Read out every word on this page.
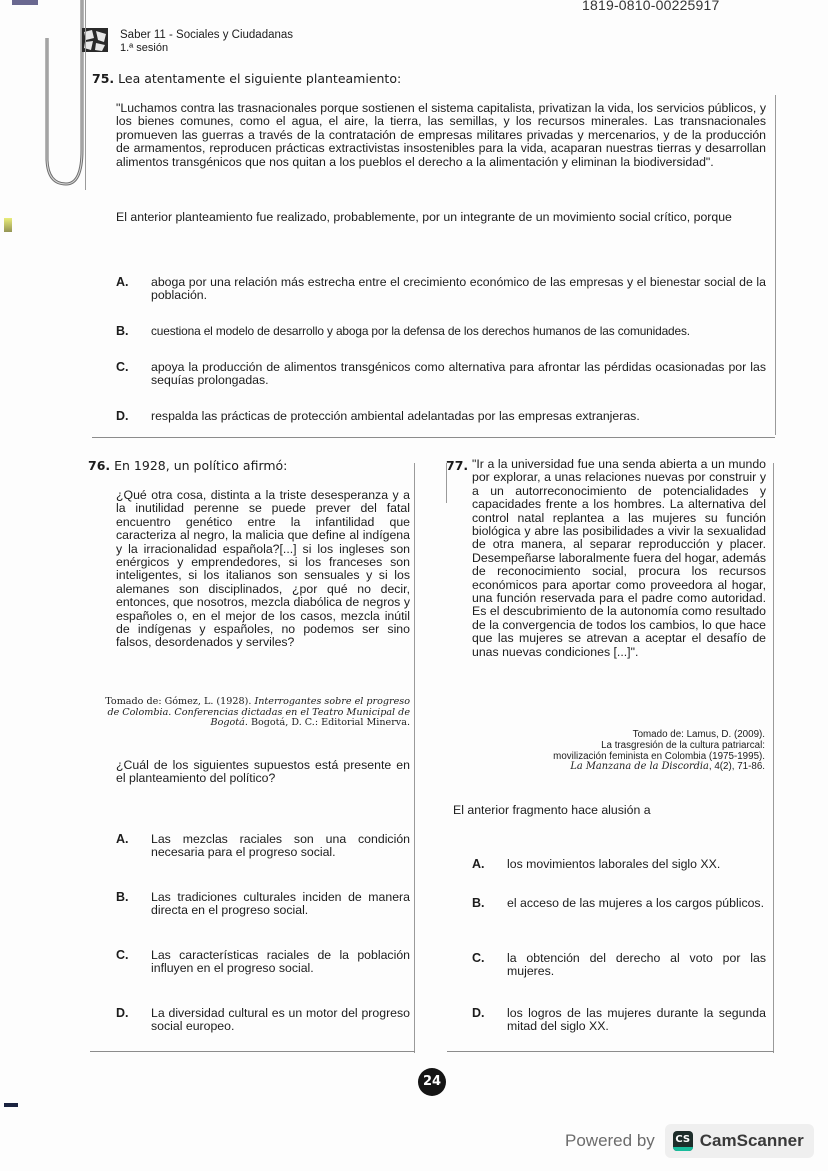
1819-0810-00225917
Saber 11 - Sociales y Ciudadanas
1.ª sesión
75. Lea atentamente el siguiente planteamiento:
"Luchamos contra las trasnacionales porque sostienen el sistema capitalista, privatizan la vida, los servicios públicos, y los bienes comunes, como el agua, el aire, la tierra, las semillas, y los recursos minerales. Las transnacionales promueven las guerras a través de la contratación de empresas militares privadas y mercenarios, y de la producción de armamentos, reproducen prácticas extractivistas insostenibles para la vida, acaparan nuestras tierras y desarrollan alimentos transgénicos que nos quitan a los pueblos el derecho a la alimentación y eliminan la biodiversidad".
El anterior planteamiento fue realizado, probablemente, por un integrante de un movimiento social crítico, porque
A.	aboga por una relación más estrecha entre el crecimiento económico de las empresas y el bienestar social de la población.
B.	cuestiona el modelo de desarrollo y aboga por la defensa de los derechos humanos de las comunidades.
C.	apoya la producción de alimentos transgénicos como alternativa para afrontar las pérdidas ocasionadas por las sequías prolongadas.
D.	respalda las prácticas de protección ambiental adelantadas por las empresas extranjeras.
76. En 1928, un político afirmó:
¿Qué otra cosa, distinta a la triste desesperanza y a la inutilidad perenne se puede prever del fatal encuentro genético entre la infantilidad que caracteriza al negro, la malicia que define al indígena y la irracionalidad española?[...] si los ingleses son enérgicos y emprendedores, si los franceses son inteligentes, si los italianos son sensuales y si los alemanes son disciplinados, ¿por qué no decir, entonces, que nosotros, mezcla diabólica de negros y españoles o, en el mejor de los casos, mezcla inútil de indígenas y españoles, no podemos ser sino falsos, desordenados y serviles?
Tomado de: Gómez, L. (1928). Interrogantes sobre el progreso de Colombia. Conferencias dictadas en el Teatro Municipal de Bogotá. Bogotá, D. C.: Editorial Minerva.
¿Cuál de los siguientes supuestos está presente en el planteamiento del político?
A.	Las mezclas raciales son una condición necesaria para el progreso social.
B.	Las tradiciones culturales inciden de manera directa en el progreso social.
C.	Las características raciales de la población influyen en el progreso social.
D.	La diversidad cultural es un motor del progreso social europeo.
77. "Ir a la universidad fue una senda abierta a un mundo por explorar, a unas relaciones nuevas por construir y a un autorreconocimiento de potencialidades y capacidades frente a los hombres. La alternativa del control natal replantea a las mujeres su función biológica y abre las posibilidades a vivir la sexualidad de otra manera, al separar reproducción y placer. Desempeñarse laboralmente fuera del hogar, además de reconocimiento social, procura los recursos económicos para aportar como proveedora al hogar, una función reservada para el padre como autoridad. Es el descubrimiento de la autonomía como resultado de la convergencia de todos los cambios, lo que hace que las mujeres se atrevan a aceptar el desafío de unas nuevas condiciones [...]".
Tomado de: Lamus, D. (2009).
La trasgresión de la cultura patriarcal:
movilización feminista en Colombia (1975-1995).
La Manzana de la Discordia, 4(2), 71-86.
El anterior fragmento hace alusión a
A.	los movimientos laborales del siglo XX.
B.	el acceso de las mujeres a los cargos públicos.
C.	la obtención del derecho al voto por las mujeres.
D.	los logros de las mujeres durante la segunda mitad del siglo XX.
24
Powered by CS CamScanner
